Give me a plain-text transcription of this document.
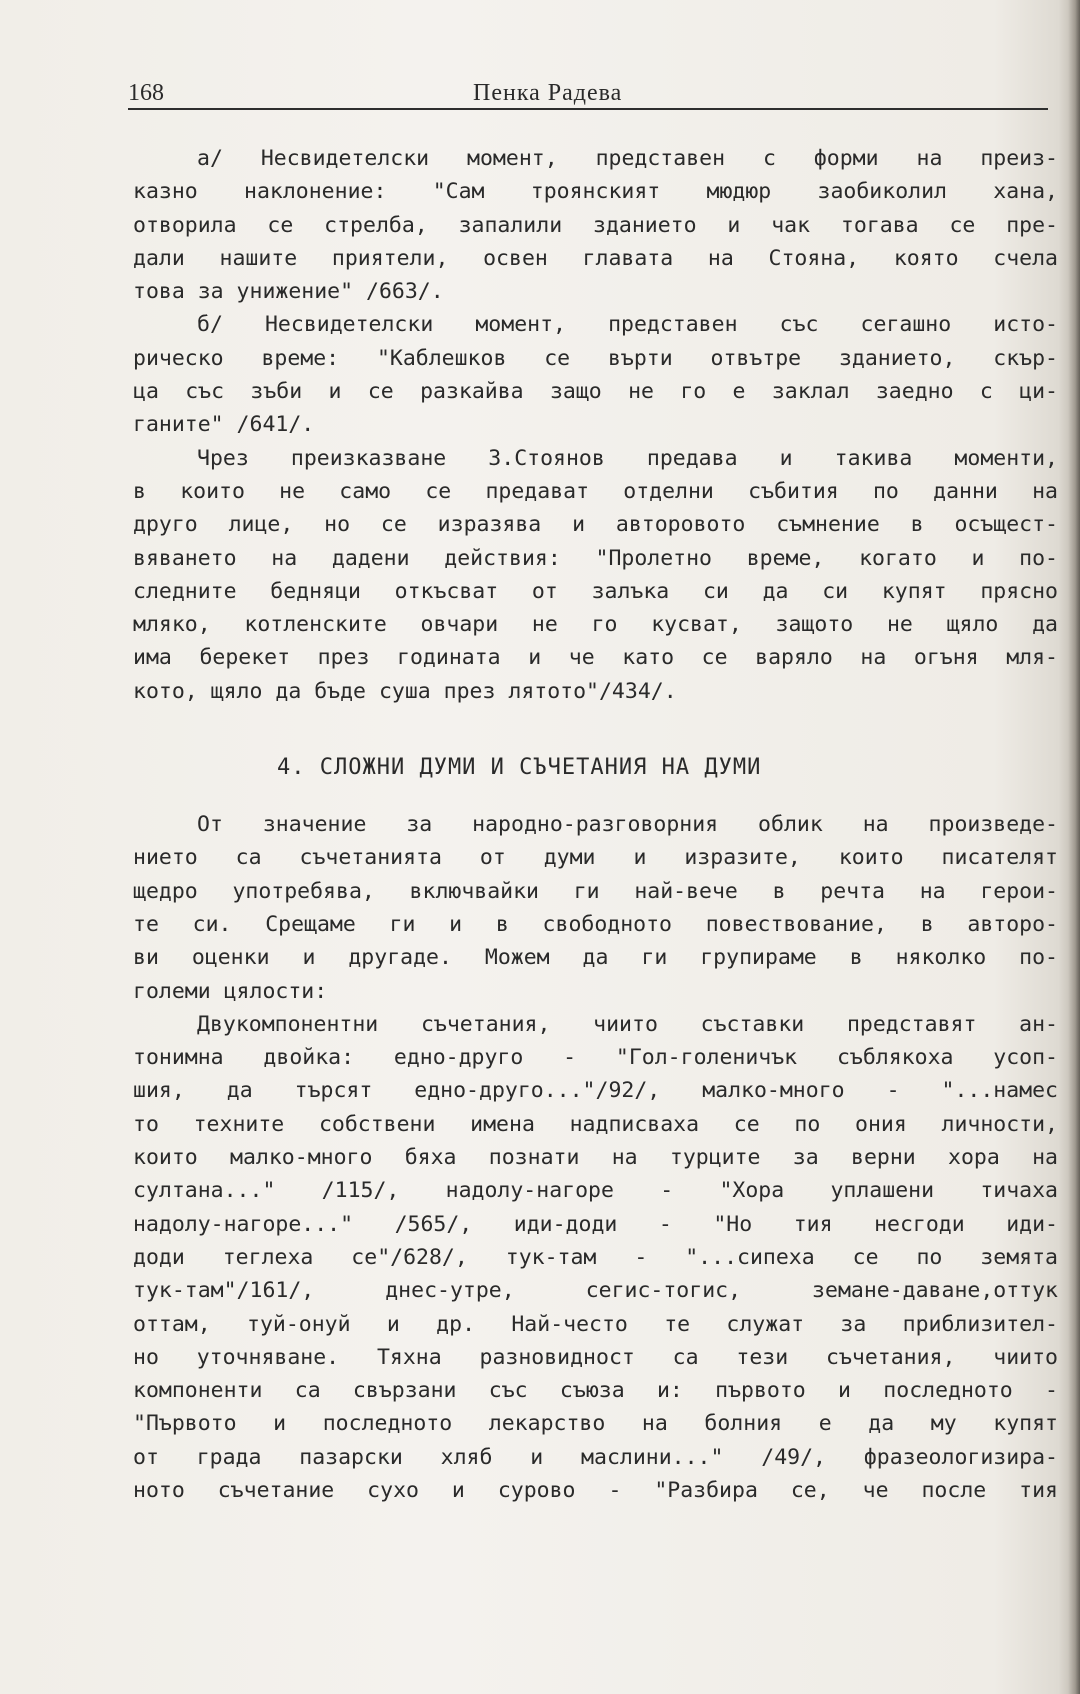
168	Пенка Радева
а/ Несвидетелски момент, представен с форми на преиз-
казно наклонение: "Сам троянският мюдюр заобиколил хана,
отворила се стрелба, запалили зданието и чак тогава се пре-
дали нашите приятели, освен главата на Стояна, която счела
това за унижение" /663/.
б/ Несвидетелски момент, представен със сегашно исто-
рическо време: "Каблешков се върти отвътре зданието, скър-
ца със зъби и се разкайва защо не го е заклал заедно с ци-
ганите" /641/.
Чрез преизказване З.Стоянов предава и такива моменти,
в които не само се предават отделни събития по данни на
друго лице, но се изразява и авторовото съмнение в осъщест-
вяването на дадени действия: "Пролетно време, когато и по-
следните бедняци откъсват от залъка си да си купят прясно
мляко, котленските овчари не го кусват, защото не щяло да
има берекет през годината и че като се варяло на огъня мля-
кото, щяло да бъде суша през лятото"/434/.
4. СЛОЖНИ ДУМИ И СЪЧЕТАНИЯ НА ДУМИ
От значение за народно-разговорния облик на произведе-
нието са съчетанията от думи и изразите, които писателят
щедро употребява, включвайки ги най-вече в речта на герои-
те си. Срещаме ги и в свободното повествование, в авторо-
ви оценки и другаде. Можем да ги групираме в няколко по-
големи цялости:
Двукомпонентни съчетания, чиито съставки представят ан-
тонимна двойка: едно-друго - "Гол-голеничък съблякоха усоп-
шия, да търсят едно-друго..."/92/, малко-много - "...намес
то техните собствени имена надписваха се по ония личности,
които малко-много бяха познати на турците за верни хора на
султана..." /115/, надолу-нагоре - "Хора уплашени тичаха
надолу-нагоре..." /565/, иди-доди - "Но тия несгоди иди-
доди теглеха се"/628/, тук-там - "...сипеха се по земята
тук-там"/161/, днес-утре, сегис-тогис, земане-даване,оттук
оттам, туй-онуй и др. Най-често те служат за приблизител-
но уточняване. Тяхна разновидност са тези съчетания, чиито
компоненти са свързани със съюза и: първото и последното -
"Първото и последното лекарство на болния е да му купят
от града пазарски хляб и маслини..." /49/, фразеологизира-
ното съчетание сухо и сурово - "Разбира се, че после тия
